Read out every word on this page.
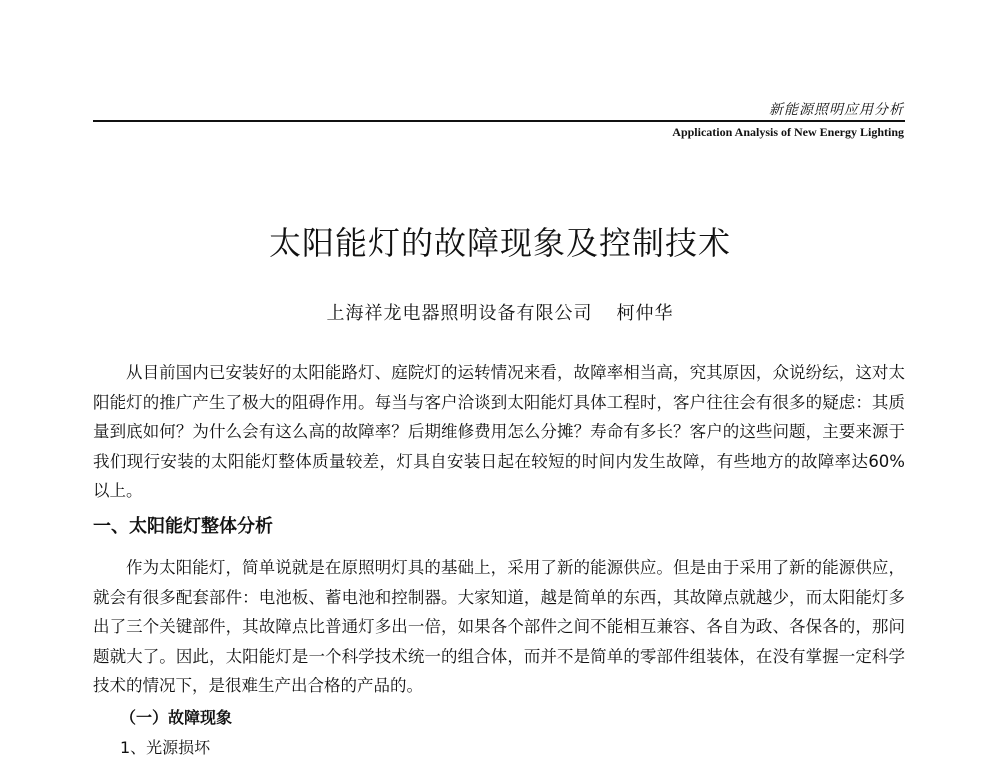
新能源照明应用分析
Application Analysis of New Energy Lighting
太阳能灯的故障现象及控制技术
上海祥龙电器照明设备有限公司 柯仲华

从目前国内已安装好的太阳能路灯、庭院灯的运转情况来看，故障率相当高，究其原因，众说纷纭，这对太阳能灯的推广产生了极大的阻碍作用。每当与客户洽谈到太阳能灯具体工程时，客户往往会有很多的疑虑：其质量到底如何？为什么会有这么高的故障率？后期维修费用怎么分摊？寿命有多长？客户的这些问题，主要来源于我们现行安装的太阳能灯整体质量较差，灯具自安装日起在较短的时间内发生故障，有些地方的故障率达60%以上。

一、太阳能灯整体分析

作为太阳能灯，简单说就是在原照明灯具的基础上，采用了新的能源供应。但是由于采用了新的能源供应，就会有很多配套部件：电池板、蓄电池和控制器。大家知道，越是简单的东西，其故障点就越少，而太阳能灯多出了三个关键部件，其故障点比普通灯多出一倍，如果各个部件之间不能相互兼容、各自为政、各保各的，那问题就大了。因此，太阳能灯是一个科学技术统一的组合体，而并不是简单的零部件组装体，在没有掌握一定科学技术的情况下，是很难生产出合格的产品的。

（一）故障现象
1、光源损坏
